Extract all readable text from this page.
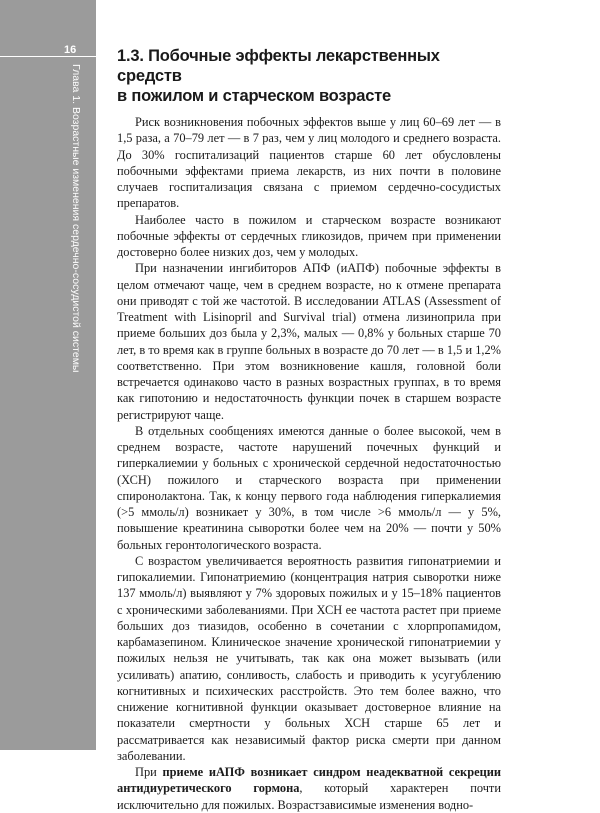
16
Глава 1. Возрастные изменения сердечно-сосудистой системы
1.3. Побочные эффекты лекарственных средств
в пожилом и старческом возрасте

Риск возникновения побочных эффектов выше у лиц 60–69 лет — в 1,5 раза, а 70–79 лет — в 7 раз, чем у лиц молодого и среднего возраста. До 30% госпитализаций пациентов старше 60 лет обусловлены побочными эффектами приема лекарств, из них почти в половине случаев госпитализация связана с приемом сердечно-сосудистых препаратов.

Наиболее часто в пожилом и старческом возрасте возникают побочные эффекты от сердечных гликозидов, причем при применении достоверно более низких доз, чем у молодых.

При назначении ингибиторов АПФ (иАПФ) побочные эффекты в целом отмечают чаще, чем в среднем возрасте, но к отмене препарата они приводят с той же частотой. В исследовании ATLAS (Assessment of Treatment with Lisinopril and Survival trial) отмена лизиноприла при приеме больших доз была у 2,3%, малых — 0,8% у больных старше 70 лет, в то время как в группе больных в возрасте до 70 лет — в 1,5 и 1,2% соответственно. При этом возникновение кашля, головной боли встречается одинаково часто в разных возрастных группах, в то время как гипотонию и недостаточность функции почек в старшем возрасте регистрируют чаще.

В отдельных сообщениях имеются данные о более высокой, чем в среднем возрасте, частоте нарушений почечных функций и гиперкалиемии у больных с хронической сердечной недостаточностью (ХСН) пожилого и старческого возраста при применении спиронолактона. Так, к концу первого года наблюдения гиперкалиемия (>5 ммоль/л) возникает у 30%, в том числе >6 ммоль/л — у 5%, повышение креатинина сыворотки более чем на 20% — почти у 50% больных геронтологического возраста.

С возрастом увеличивается вероятность развития гипонатриемии и гипокалиемии. Гипонатриемию (концентрация натрия сыворотки ниже 137 ммоль/л) выявляют у 7% здоровых пожилых и у 15–18% пациентов с хроническими заболеваниями. При ХСН ее частота растет при приеме больших доз тиазидов, особенно в сочетании с хлорпропамидом, карбамазепином. Клиническое значение хронической гипонатриемии у пожилых нельзя не учитывать, так как она может вызывать (или усиливать) апатию, сонливость, слабость и приводить к усугублению когнитивных и психических расстройств. Это тем более важно, что снижение когнитивной функции оказывает достоверное влияние на показатели смертности у больных ХСН старше 65 лет и рассматривается как независимый фактор риска смерти при данном заболевании.

При приеме иАПФ возникает синдром неадекватной секреции антидиуретического гормона, который характерен почти исключительно для пожилых. Возрастзависимые изменения водно-
